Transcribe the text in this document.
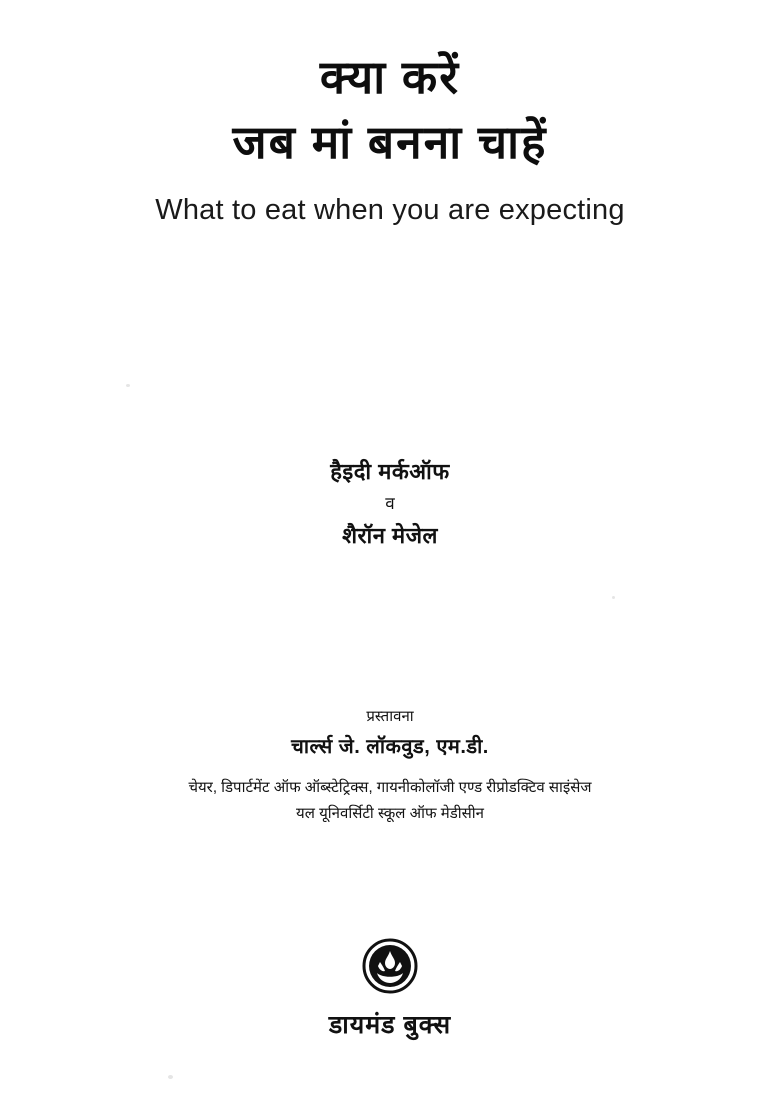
क्या करें
जब मां बनना चाहें
What to eat when you are expecting
हैइदी मर्कऑफ
व
शैरॉन मेजेल
प्रस्तावना
चार्ल्स जे. लॉकवुड, एम.डी.
चेयर, डिपार्टमेंट ऑफ ऑब्स्टेट्रिक्स, गायनीकोलॉजी एण्ड रीप्रोडक्टिव साइंसेज
यल यूनिवर्सिटी स्कूल ऑफ मेडीसीन
डायमंड बुक्स
